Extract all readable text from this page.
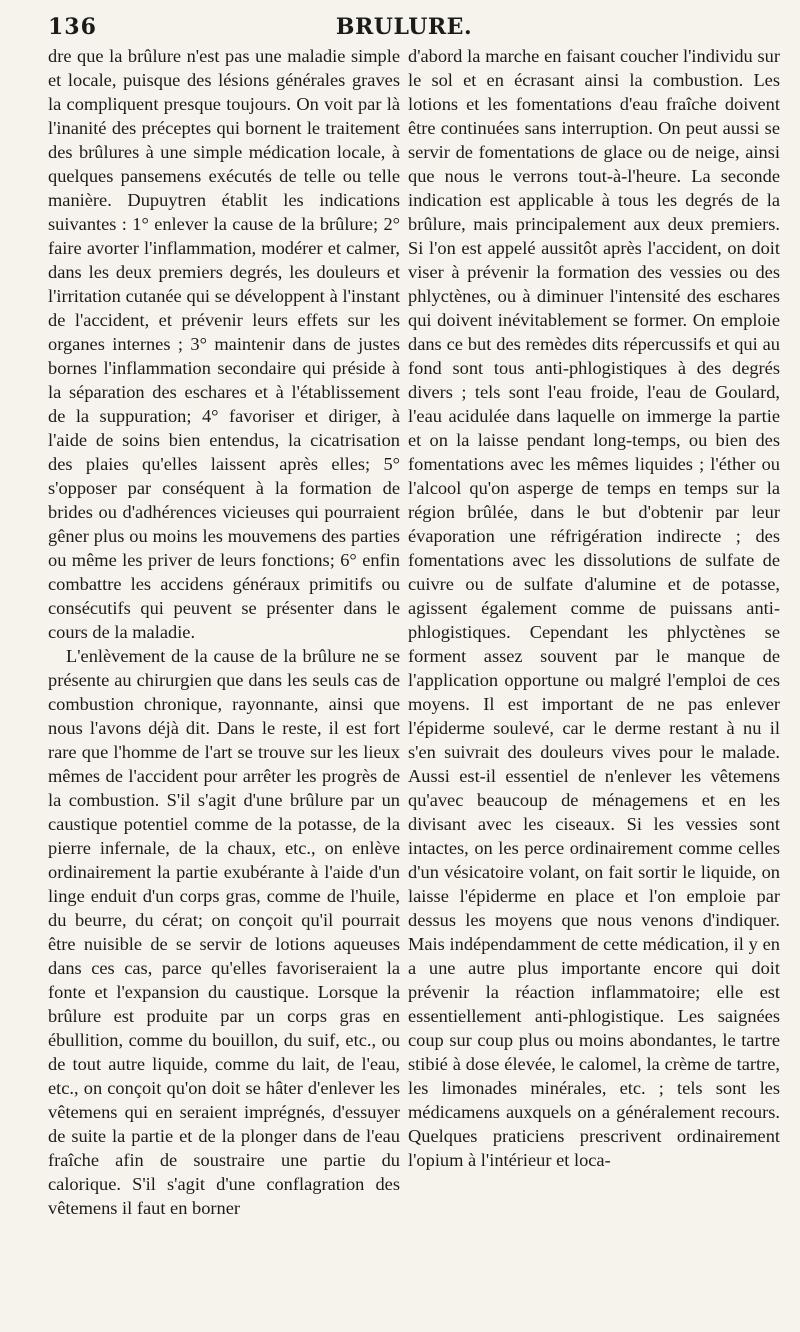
136	BRULURE.

dre que la brûlure n'est pas une maladie simple et locale, puisque des lésions générales graves la compliquent presque toujours. On voit par là l'inanité des préceptes qui bornent le traitement des brûlures à une simple médication locale, à quelques pansemens exécutés de telle ou telle manière. Dupuytren établit les indications suivantes : 1° enlever la cause de la brûlure; 2° faire avorter l'inflammation, modérer et calmer, dans les deux premiers degrés, les douleurs et l'irritation cutanée qui se développent à l'instant de l'accident, et prévenir leurs effets sur les organes internes ; 3° maintenir dans de justes bornes l'inflammation secondaire qui préside à la séparation des eschares et à l'établissement de la suppuration; 4° favoriser et diriger, à l'aide de soins bien entendus, la cicatrisation des plaies qu'elles laissent après elles; 5° s'opposer par conséquent à la formation de brides ou d'adhérences vicieuses qui pourraient gêner plus ou moins les mouvemens des parties ou même les priver de leurs fonctions; 6° enfin combattre les accidens généraux primitifs ou consécutifs qui peuvent se présenter dans le cours de la maladie.

L'enlèvement de la cause de la brûlure ne se présente au chirurgien que dans les seuls cas de combustion chronique, rayonnante, ainsi que nous l'avons déjà dit. Dans le reste, il est fort rare que l'homme de l'art se trouve sur les lieux mêmes de l'accident pour arrêter les progrès de la combustion. S'il s'agit d'une brûlure par un caustique potentiel comme de la potasse, de la pierre infernale, de la chaux, etc., on enlève ordinairement la partie exubérante à l'aide d'un linge enduit d'un corps gras, comme de l'huile, du beurre, du cérat; on conçoit qu'il pourrait être nuisible de se servir de lotions aqueuses dans ces cas, parce qu'elles favoriseraient la fonte et l'expansion du caustique. Lorsque la brûlure est produite par un corps gras en ébullition, comme du bouillon, du suif, etc., ou de tout autre liquide, comme du lait, de l'eau, etc., on conçoit qu'on doit se hâter d'enlever les vêtemens qui en seraient imprégnés, d'essuyer de suite la partie et de la plonger dans de l'eau fraîche afin de soustraire une partie du calorique. S'il s'agit d'une conflagration des vêtemens il faut en borner

d'abord la marche en faisant coucher l'individu sur le sol et en écrasant ainsi la combustion. Les lotions et les fomentations d'eau fraîche doivent être continuées sans interruption. On peut aussi se servir de fomentations de glace ou de neige, ainsi que nous le verrons tout-à-l'heure. La seconde indication est applicable à tous les degrés de la brûlure, mais principalement aux deux premiers. Si l'on est appelé aussitôt après l'accident, on doit viser à prévenir la formation des vessies ou des phlyctènes, ou à diminuer l'intensité des eschares qui doivent inévitablement se former. On emploie dans ce but des remèdes dits répercussifs et qui au fond sont tous anti-phlogistiques à des degrés divers ; tels sont l'eau froide, l'eau de Goulard, l'eau acidulée dans laquelle on immerge la partie et on la laisse pendant long-temps, ou bien des fomentations avec les mêmes liquides ; l'éther ou l'alcool qu'on asperge de temps en temps sur la région brûlée, dans le but d'obtenir par leur évaporation une réfrigération indirecte ; des fomentations avec les dissolutions de sulfate de cuivre ou de sulfate d'alumine et de potasse, agissent également comme de puissans anti-phlogistiques. Cependant les phlyctènes se forment assez souvent par le manque de l'application opportune ou malgré l'emploi de ces moyens. Il est important de ne pas enlever l'épiderme soulevé, car le derme restant à nu il s'en suivrait des douleurs vives pour le malade. Aussi est-il essentiel de n'enlever les vêtemens qu'avec beaucoup de ménagemens et en les divisant avec les ciseaux. Si les vessies sont intactes, on les perce ordinairement comme celles d'un vésicatoire volant, on fait sortir le liquide, on laisse l'épiderme en place et l'on emploie par dessus les moyens que nous venons d'indiquer. Mais indépendamment de cette médication, il y en a une autre plus importante encore qui doit prévenir la réaction inflammatoire; elle est essentiellement anti-phlogistique. Les saignées coup sur coup plus ou moins abondantes, le tartre stibié à dose élevée, le calomel, la crème de tartre, les limonades minérales, etc. ; tels sont les médicamens auxquels on a généralement recours. Quelques praticiens prescrivent ordinairement l'opium à l'intérieur et loca-
